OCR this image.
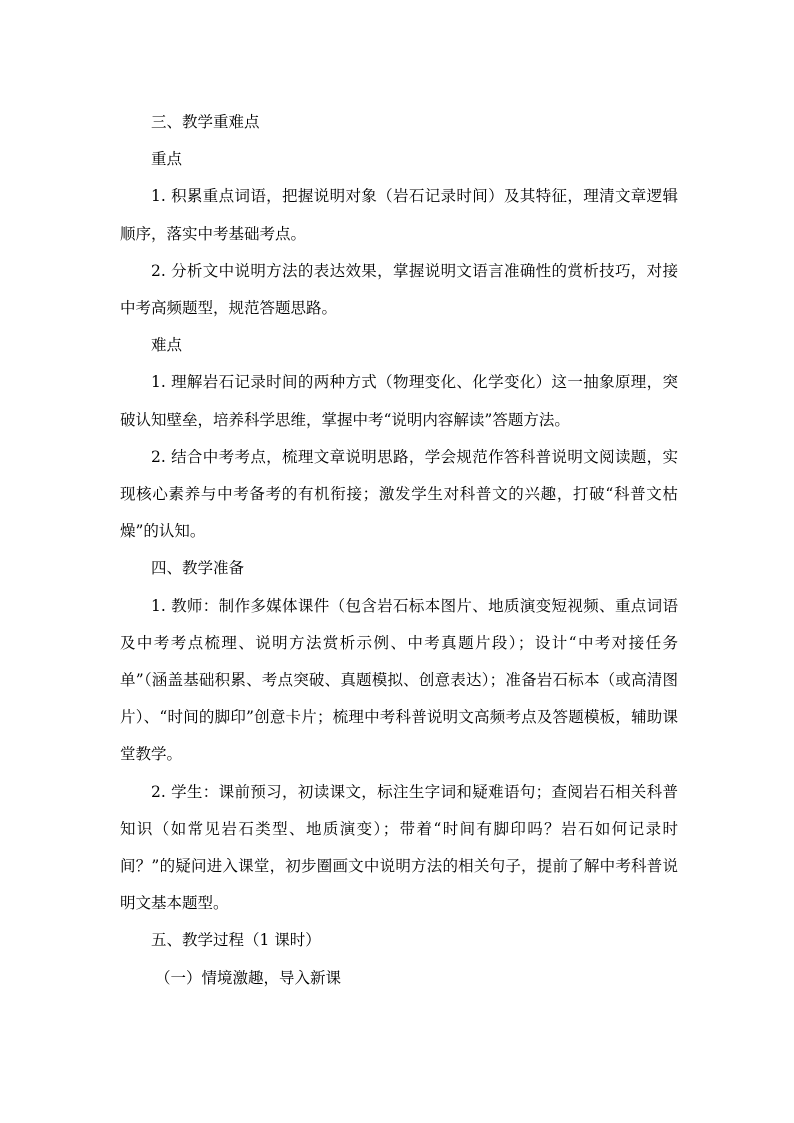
三、教学重难点

重点

1. 积累重点词语，把握说明对象（岩石记录时间）及其特征，理清文章逻辑顺序，落实中考基础考点。

2. 分析文中说明方法的表达效果，掌握说明文语言准确性的赏析技巧，对接中考高频题型，规范答题思路。

难点

1. 理解岩石记录时间的两种方式（物理变化、化学变化）这一抽象原理，突破认知壁垒，培养科学思维，掌握中考“说明内容解读”答题方法。

2. 结合中考考点，梳理文章说明思路，学会规范作答科普说明文阅读题，实现核心素养与中考备考的有机衔接；激发学生对科普文的兴趣，打破“科普文枯燥”的认知。

四、教学准备

1. 教师：制作多媒体课件（包含岩石标本图片、地质演变短视频、重点词语及中考考点梳理、说明方法赏析示例、中考真题片段）；设计“中考对接任务单”（涵盖基础积累、考点突破、真题模拟、创意表达）；准备岩石标本（或高清图片）、“时间的脚印”创意卡片；梳理中考科普说明文高频考点及答题模板，辅助课堂教学。

2. 学生：课前预习，初读课文，标注生字词和疑难语句；查阅岩石相关科普知识（如常见岩石类型、地质演变）；带着“时间有脚印吗？岩石如何记录时间？”的疑问进入课堂，初步圈画文中说明方法的相关句子，提前了解中考科普说明文基本题型。

五、教学过程（1 课时）

（一）情境激趣，导入新课
